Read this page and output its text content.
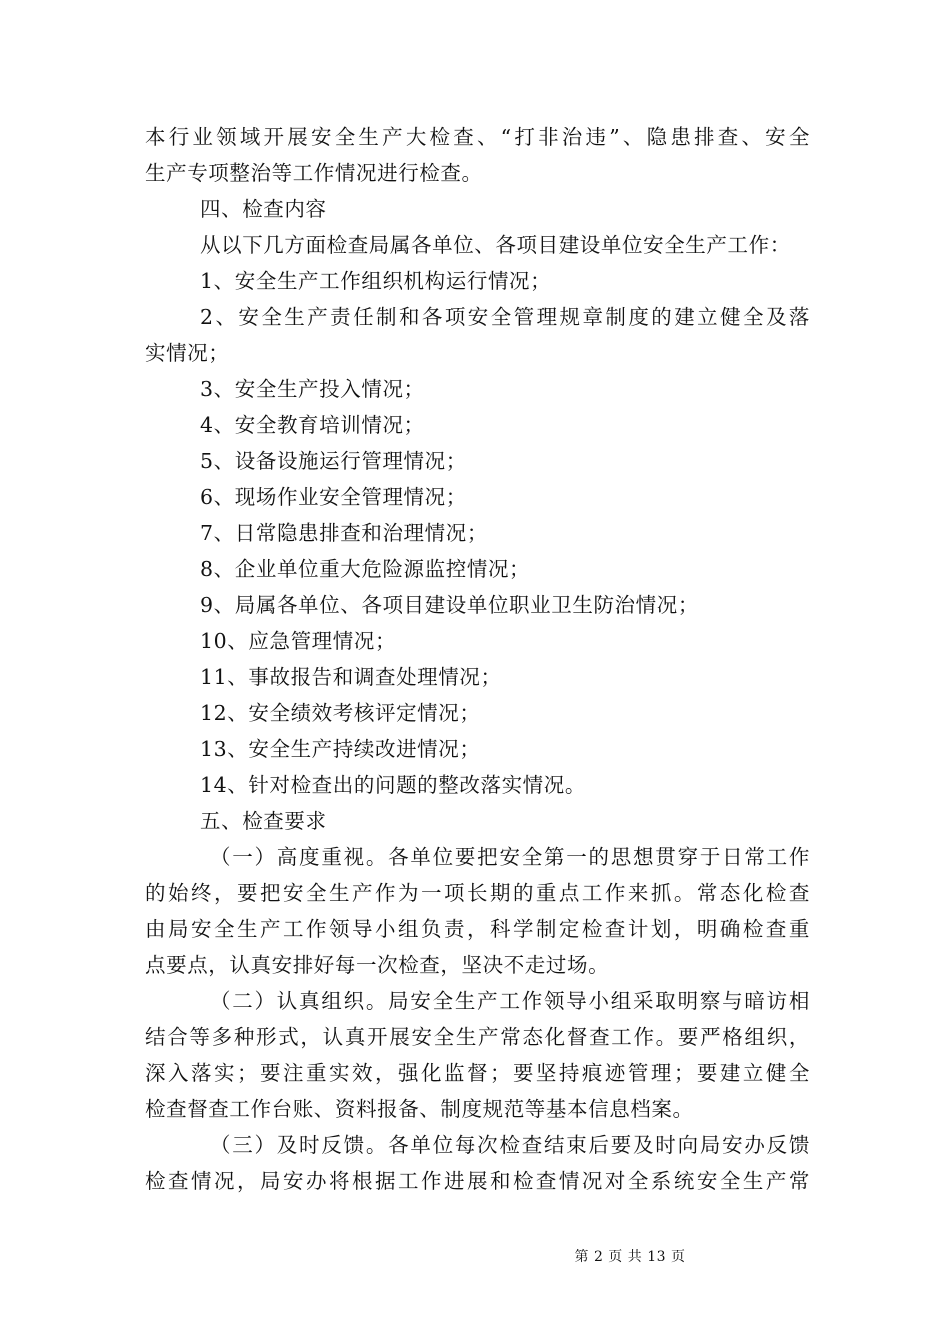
本行业领域开展安全生产大检查、“打非治违”、隐患排查、安全
生产专项整治等工作情况进行检查。
四、检查内容
从以下几方面检查局属各单位、各项目建设单位安全生产工作：
1、安全生产工作组织机构运行情况；
2、安全生产责任制和各项安全管理规章制度的建立健全及落
实情况；
3、安全生产投入情况；
4、安全教育培训情况；
5、设备设施运行管理情况；
6、现场作业安全管理情况；
7、日常隐患排查和治理情况；
8、企业单位重大危险源监控情况；
9、局属各单位、各项目建设单位职业卫生防治情况；
10、应急管理情况；
11、事故报告和调查处理情况；
12、安全绩效考核评定情况；
13、安全生产持续改进情况；
14、针对检查出的问题的整改落实情况。
五、检查要求
（一）高度重视。各单位要把安全第一的思想贯穿于日常工作
的始终，要把安全生产作为一项长期的重点工作来抓。常态化检查
由局安全生产工作领导小组负责，科学制定检查计划，明确检查重
点要点，认真安排好每一次检查，坚决不走过场。
（二）认真组织。局安全生产工作领导小组采取明察与暗访相
结合等多种形式，认真开展安全生产常态化督查工作。要严格组织，
深入落实；要注重实效，强化监督；要坚持痕迹管理；要建立健全
检查督查工作台账、资料报备、制度规范等基本信息档案。
（三）及时反馈。各单位每次检查结束后要及时向局安办反馈
检查情况，局安办将根据工作进展和检查情况对全系统安全生产常
第 2 页 共 13 页
